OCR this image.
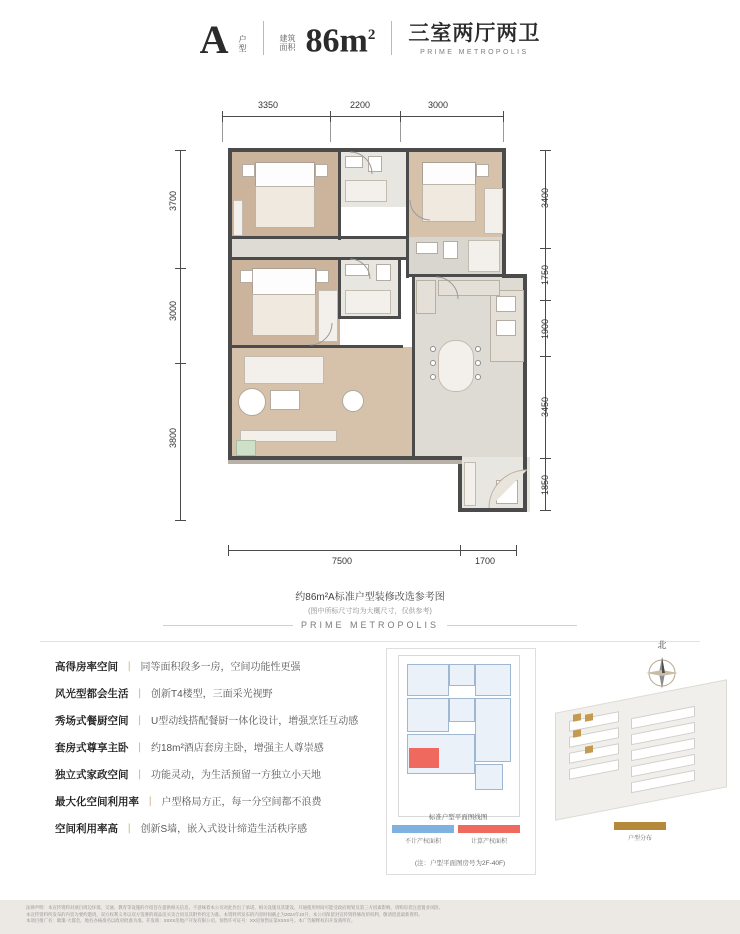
A 户
型
建筑
面积 $86m^2$ 三室两厅两卫
PRIME METROPOLIS
3350	2200	3000
3700
3000
3800
3400
1750
1900
3450
1850
7500	1700
约86m²A标准户型装修改选参考图
(图中所标尺寸均为大概尺寸，仅供参考)
PRIME METROPOLIS
高得房率空间 丨 同等面积段多一房，空间功能性更强
风光型都会生活 丨 创新T4楼型，三面采光视野
秀场式餐厨空间 丨 U型动线搭配餐厨一体化设计，增强烹饪互动感
套房式尊享主卧 丨 约18m²酒店套房主卧，增强主人尊崇感
独立式家政空间 丨 功能灵动，为生活预留一方独立小天地
最大化空间利用率 丨 户型格局方正，每一分空间都不浪费
空间利用率高 丨 创新S墙，嵌入式设计缔造生活秩序感
标准户型平面图线图
不计产权面积	计算产权面积
(注：户型平面图房号为2F-40F)
北
户型分布

法律声明：本宣传资料对项目周边环境、交通、教育等设施的介绍旨在提供相关信息，不意味着本公司对此作出了承诺，相关设施及其建设、开通使用时间可能受政府规划及第三方因素影响，请购房者注意置业风险。

本宣传资料所发布的内容为要约邀请，双方权利义务以双方签署的商品房买卖合同及其附件约定为准。本资料所发布的内容时间截止为2024年10月，本公司保留对宣传资料修改的权利，敬请留意最新资料。

本项目推广名：璀璨·大都会，地名办核准名以政府批准为准。开发商：XXXX房地产开发有限公司。预售许可证号：XX房预售证第XXXX号。本广告解释权归开发商所有。
